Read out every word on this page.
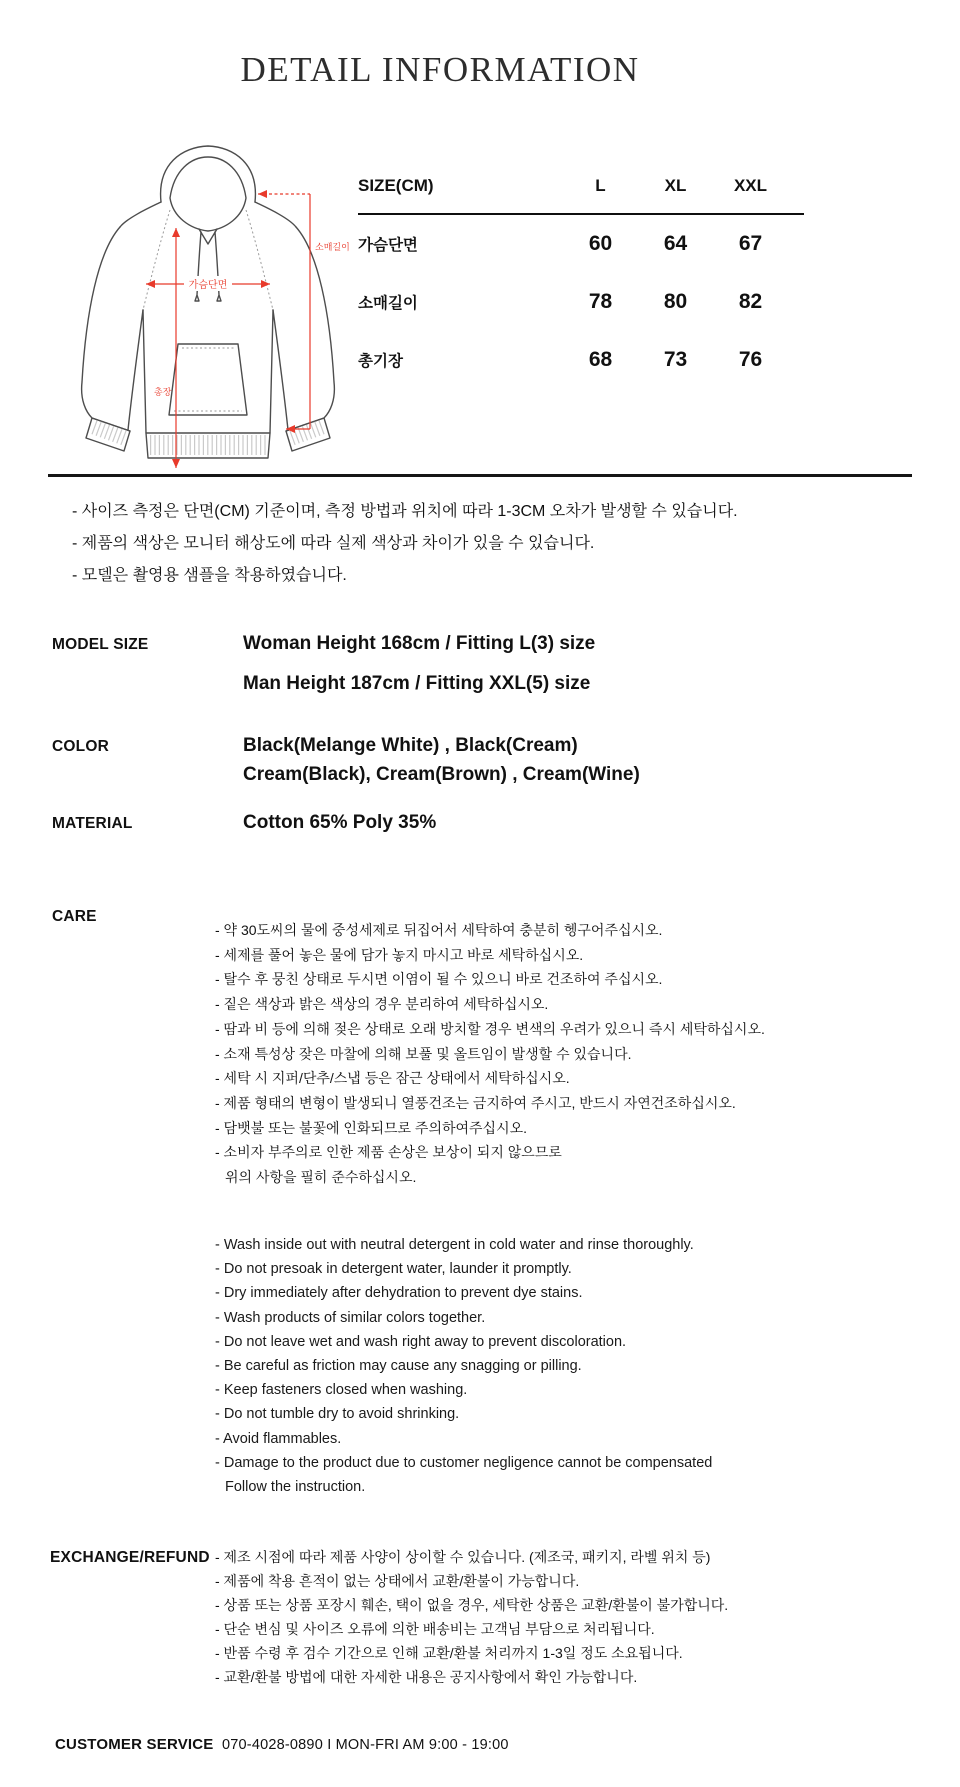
DETAIL INFORMATION
가슴단면
총장
소매길이
SIZE(CM)	L	XL	XXL
가슴단면	60	64	67
소매길이	78	80	82
총기장	68	73	76
- 사이즈 측정은 단면(CM) 기준이며, 측정 방법과 위치에 따라 1-3CM 오차가 발생할 수 있습니다.
- 제품의 색상은 모니터 해상도에 따라 실제 색상과 차이가 있을 수 있습니다.
- 모델은 촬영용 샘플을 착용하였습니다.
MODEL SIZE	Woman Height 168cm / Fitting L(3) size
Man Height 187cm / Fitting XXL(5) size
COLOR	Black(Melange White) , Black(Cream)
Cream(Black), Cream(Brown) , Cream(Wine)
MATERIAL	Cotton 65% Poly 35%
CARE
- 약 30도씨의 물에 중성세제로 뒤집어서 세탁하여 충분히 헹구어주십시오.
- 세제를 풀어 놓은 물에 담가 놓지 마시고 바로 세탁하십시오.
- 탈수 후 뭉친 상태로 두시면 이염이 될 수 있으니 바로 건조하여 주십시오.
- 짙은 색상과 밝은 색상의 경우 분리하여 세탁하십시오.
- 땀과 비 등에 의해 젖은 상태로 오래 방치할 경우 변색의 우려가 있으니 즉시 세탁하십시오.
- 소재 특성상 잦은 마찰에 의해 보풀 및 올트임이 발생할 수 있습니다.
- 세탁 시 지퍼/단추/스냅 등은 잠근 상태에서 세탁하십시오.
- 제품 형태의 변형이 발생되니 열풍건조는 금지하여 주시고, 반드시 자연건조하십시오.
- 담뱃불 또는 불꽃에 인화되므로 주의하여주십시오.
- 소비자 부주의로 인한 제품 손상은 보상이 되지 않으므로
위의 사항을 필히 준수하십시오.
- Wash inside out with neutral detergent in cold water and rinse thoroughly.
- Do not presoak in detergent water, launder it promptly.
- Dry immediately after dehydration to prevent dye stains.
- Wash products of similar colors together.
- Do not leave wet and wash right away to prevent discoloration.
- Be careful as friction may cause any snagging or pilling.
- Keep fasteners closed when washing.
- Do not tumble dry to avoid shrinking.
- Avoid flammables.
- Damage to the product due to customer negligence cannot be compensated
Follow the instruction.
EXCHANGE/REFUND - 제조 시점에 따라 제품 사양이 상이할 수 있습니다. (제조국, 패키지, 라벨 위치 등)
- 제품에 착용 흔적이 없는 상태에서 교환/환불이 가능합니다.
- 상품 또는 상품 포장시 훼손, 택이 없을 경우, 세탁한 상품은 교환/환불이 불가합니다.
- 단순 변심 및 사이즈 오류에 의한 배송비는 고객님 부담으로 처리됩니다.
- 반품 수령 후 검수 기간으로 인해 교환/환불 처리까지 1-3일 정도 소요됩니다.
- 교환/환불 방법에 대한 자세한 내용은 공지사항에서 확인 가능합니다.
CUSTOMER SERVICE 070-4028-0890 I MON-FRI AM 9:00 - 19:00
